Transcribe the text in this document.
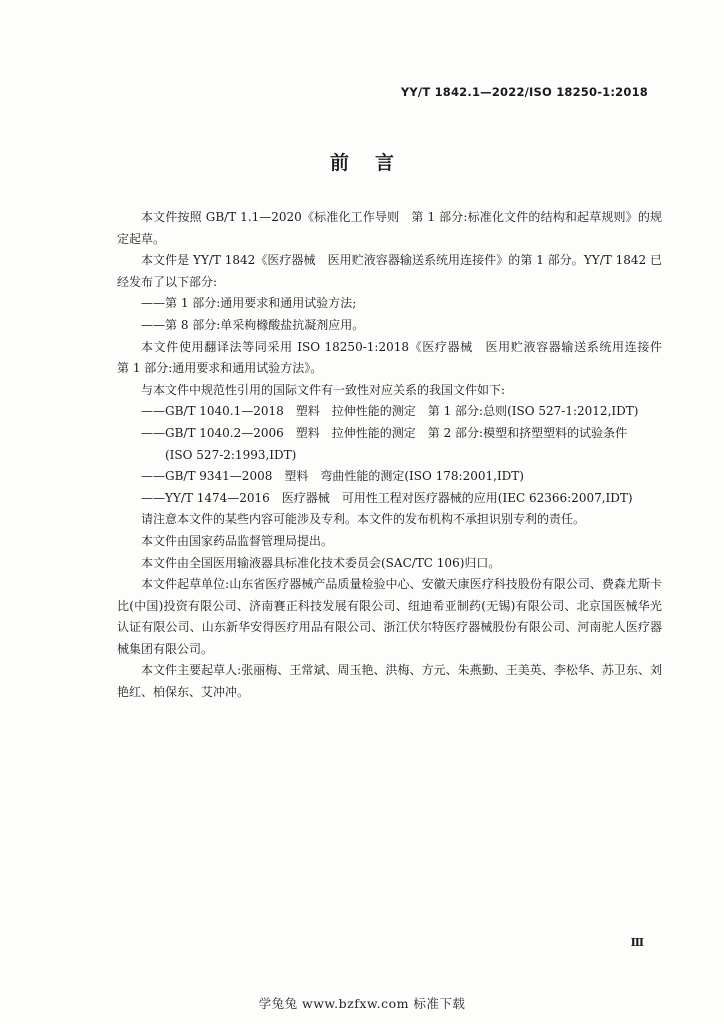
YY/T 1842.1—2022/ISO 18250-1:2018
前言

本文件按照 GB/T 1.1—2020《标准化工作导则　第 1 部分:标准化文件的结构和起草规则》的规定起草。

本文件是 YY/T 1842《医疗器械　医用贮液容器输送系统用连接件》的第 1 部分。YY/T 1842 已经发布了以下部分:

——第 1 部分:通用要求和通用试验方法;

——第 8 部分:单采枸橼酸盐抗凝剂应用。

本文件使用翻译法等同采用 ISO 18250-1:2018《医疗器械　医用贮液容器输送系统用连接件　第 1 部分:通用要求和通用试验方法》。

与本文件中规范性引用的国际文件有一致性对应关系的我国文件如下:

——GB/T 1040.1—2018　塑料　拉伸性能的测定　第 1 部分:总则(ISO 527-1:2012,IDT)

——GB/T 1040.2—2006　塑料　拉伸性能的测定　第 2 部分:模塑和挤塑塑料的试验条件
(ISO 527-2:1993,IDT)

——GB/T 9341—2008　塑料　弯曲性能的测定(ISO 178:2001,IDT)

——YY/T 1474—2016　医疗器械　可用性工程对医疗器械的应用(IEC 62366:2007,IDT)

请注意本文件的某些内容可能涉及专利。本文件的发布机构不承担识别专利的责任。

本文件由国家药品监督管理局提出。

本文件由全国医用输液器具标准化技术委员会(SAC/TC 106)归口。

本文件起草单位:山东省医疗器械产品质量检验中心、安徽天康医疗科技股份有限公司、费森尤斯卡比(中国)投资有限公司、济南賽正科技发展有限公司、纽迪希亚制药(无锡)有限公司、北京国医械华光认证有限公司、山东新华安得医疗用品有限公司、浙江伏尔特医疗器械股份有限公司、河南驼人医疗器械集团有限公司。

本文件主要起草人:张丽梅、王常斌、周玉艳、洪梅、方元、朱燕勤、王美英、李松华、苏卫东、刘艳红、柏保东、艾冲冲。

Ⅲ
学兔兔 www.bzfxw.com 标准下载
